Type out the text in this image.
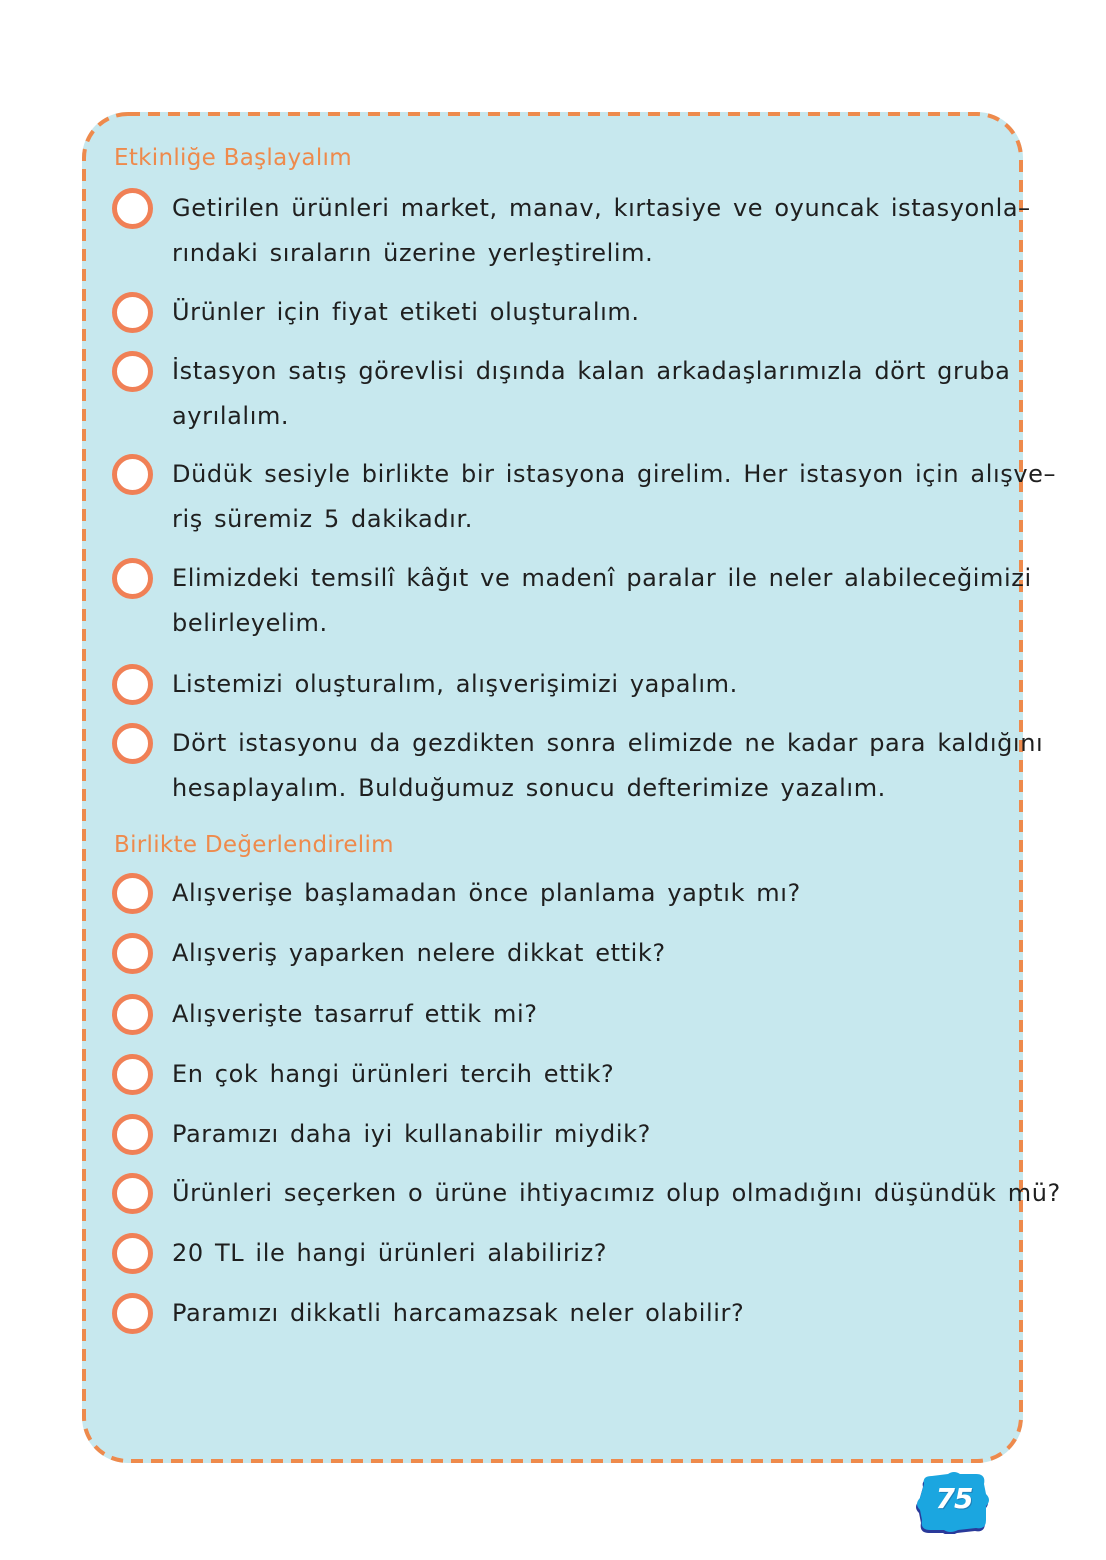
Etkinliğe Başlayalım
Getirilen ürünleri market, manav, kırtasiye ve oyuncak istasyonla–
rındaki sıraların üzerine yerleştirelim.
Ürünler için fiyat etiketi oluşturalım.
İstasyon satış görevlisi dışında kalan arkadaşlarımızla dört gruba
ayrılalım.
Düdük sesiyle birlikte bir istasyona girelim. Her istasyon için alışve–
riş süremiz 5 dakikadır.
Elimizdeki temsilî kâğıt ve madenî paralar ile neler alabileceğimizi
belirleyelim.
Listemizi oluşturalım, alışverişimizi yapalım.
Dört istasyonu da gezdikten sonra elimizde ne kadar para kaldığını
hesaplayalım. Bulduğumuz sonucu defterimize yazalım.
Birlikte Değerlendirelim
Alışverişe başlamadan önce planlama yaptık mı?
Alışveriş yaparken nelere dikkat ettik?
Alışverişte tasarruf ettik mi?
En çok hangi ürünleri tercih ettik?
Paramızı daha iyi kullanabilir miydik?
Ürünleri seçerken o ürüne ihtiyacımız olup olmadığını düşündük mü?
20 TL ile hangi ürünleri alabiliriz?
Paramızı dikkatli harcamazsak neler olabilir?
75
